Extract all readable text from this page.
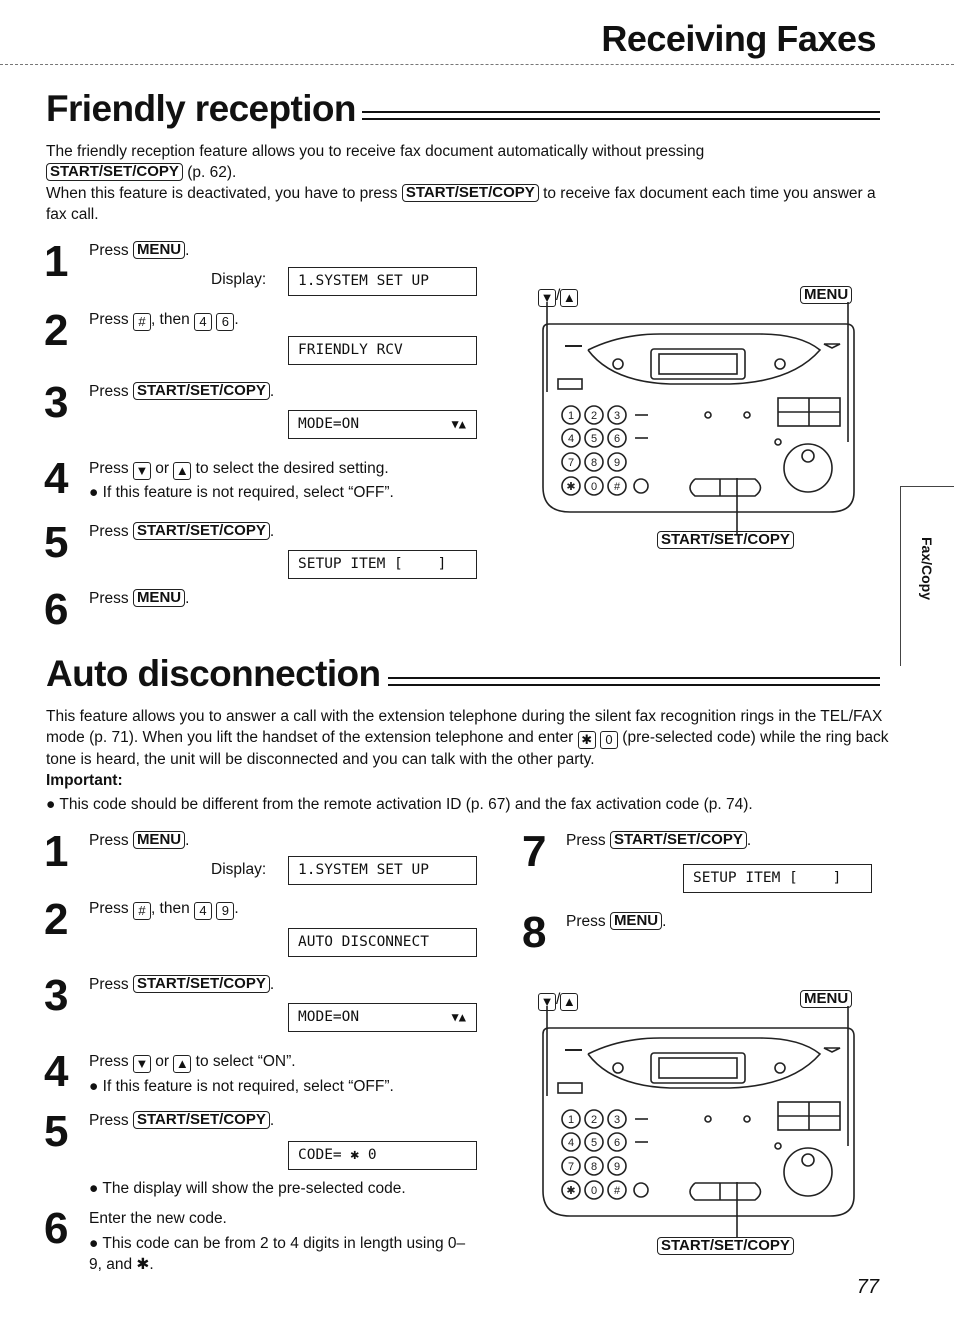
Receiving Faxes
Fax/Copy
Friendly reception
The friendly reception feature allows you to receive fax document automatically without pressing
START/SET/COPY (p. 62).
When this feature is deactivated, you have to press START/SET/COPY to receive fax document each time you answer a fax call.
1 Press MENU .
Display:	1.SYSTEM SET UP
2 Press # , then 4 6 .
FRIENDLY RCV
3 Press START/SET/COPY .
MODE=ON	▼▲
4 Press ▼ or ▲ to select the desired setting.
● If this feature is not required, select “OFF”.
5 Press START/SET/COPY .
SETUP ITEM [    ]
6 Press MENU .
1 2 3
4 5 6
7 8 9
✱ 0 #
▼ / ▲	MENU
START/SET/COPY
Auto disconnection
This feature allows you to answer a call with the extension telephone during the silent fax recognition rings in the TEL/FAX mode (p. 71). When you lift the handset of the extension telephone and enter ✱ 0 (pre-selected code) while the ring back tone is heard, the unit will be disconnected and you can talk with the other party.
Important:
● This code should be different from the remote activation ID (p. 67) and the fax activation code (p. 74).
1 Press MENU .
Display:	1.SYSTEM SET UP
2 Press # , then 4 9 .
AUTO DISCONNECT
3 Press START/SET/COPY .
MODE=ON	▼▲
4 Press ▼ or ▲ to select “ON”.
● If this feature is not required, select “OFF”.
5 Press START/SET/COPY .
CODE= ✱ 0
● The display will show the pre-selected code.
6 Enter the new code.
● This code can be from 2 to 4 digits in length using 0–9, and ✱.
7 Press START/SET/COPY .
SETUP ITEM [    ]
8 Press MENU .
1 2 3
4 5 6
7 8 9
✱ 0 #
▼ / ▲	MENU
START/SET/COPY
77
